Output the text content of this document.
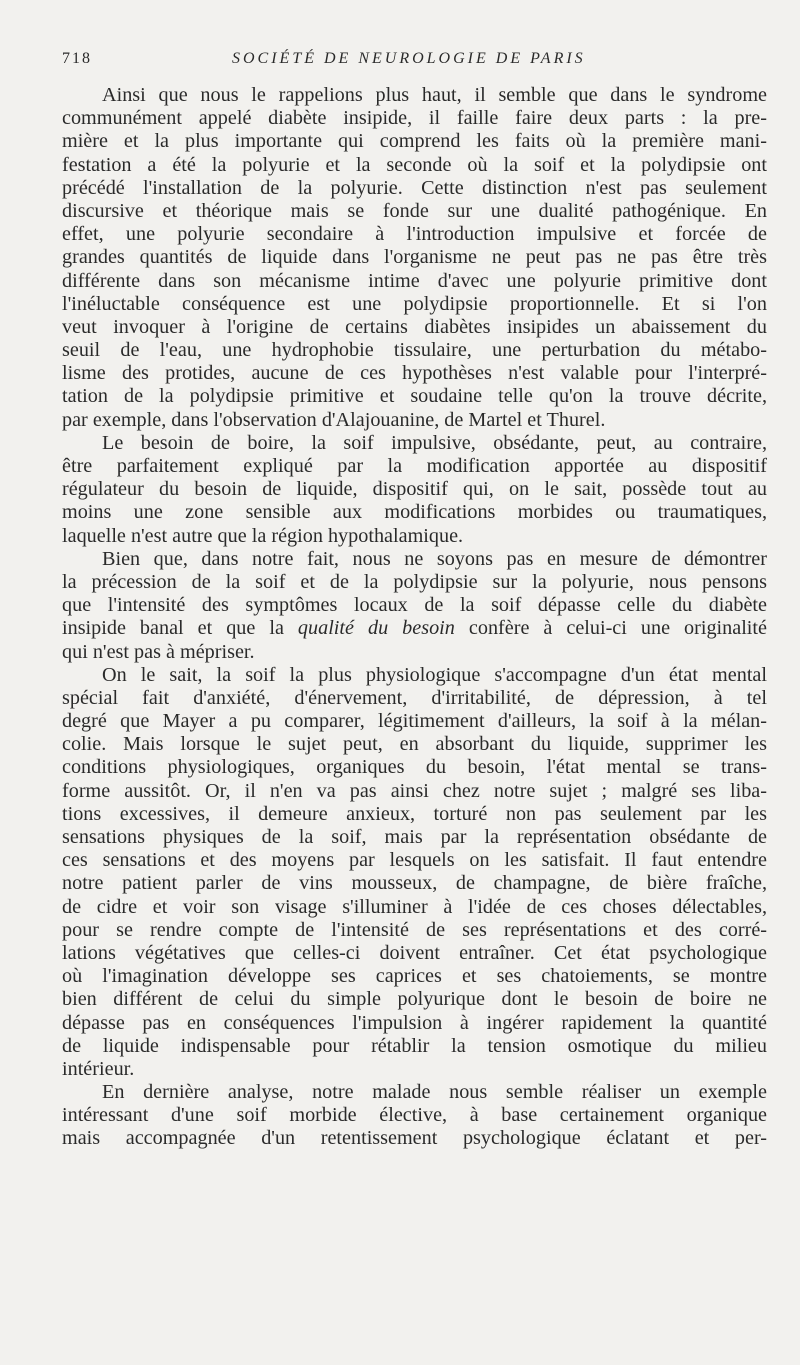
718	SOCIÉTÉ DE NEUROLOGIE DE PARIS
Ainsi que nous le rappelions plus haut, il semble que dans le syndrome
communément appelé diabète insipide, il faille faire deux parts : la pre-
mière et la plus importante qui comprend les faits où la première mani-
festation a été la polyurie et la seconde où la soif et la polydipsie ont
précédé l'installation de la polyurie. Cette distinction n'est pas seulement
discursive et théorique mais se fonde sur une dualité pathogénique. En
effet, une polyurie secondaire à l'introduction impulsive et forcée de
grandes quantités de liquide dans l'organisme ne peut pas ne pas être très
différente dans son mécanisme intime d'avec une polyurie primitive dont
l'inéluctable conséquence est une polydipsie proportionnelle. Et si l'on
veut invoquer à l'origine de certains diabètes insipides un abaissement du
seuil de l'eau, une hydrophobie tissulaire, une perturbation du métabo-
lisme des protides, aucune de ces hypothèses n'est valable pour l'interpré-
tation de la polydipsie primitive et soudaine telle qu'on la trouve décrite,
par exemple, dans l'observation d'Alajouanine, de Martel et Thurel.
Le besoin de boire, la soif impulsive, obsédante, peut, au contraire,
être parfaitement expliqué par la modification apportée au dispositif
régulateur du besoin de liquide, dispositif qui, on le sait, possède tout au
moins une zone sensible aux modifications morbides ou traumatiques,
laquelle n'est autre que la région hypothalamique.
Bien que, dans notre fait, nous ne soyons pas en mesure de démontrer
la précession de la soif et de la polydipsie sur la polyurie, nous pensons
que l'intensité des symptômes locaux de la soif dépasse celle du diabète
insipide banal et que la qualité du besoin confère à celui-ci une originalité
qui n'est pas à mépriser.
On le sait, la soif la plus physiologique s'accompagne d'un état mental
spécial fait d'anxiété, d'énervement, d'irritabilité, de dépression, à tel
degré que Mayer a pu comparer, légitimement d'ailleurs, la soif à la mélan-
colie. Mais lorsque le sujet peut, en absorbant du liquide, supprimer les
conditions physiologiques, organiques du besoin, l'état mental se trans-
forme aussitôt. Or, il n'en va pas ainsi chez notre sujet ; malgré ses liba-
tions excessives, il demeure anxieux, torturé non pas seulement par les
sensations physiques de la soif, mais par la représentation obsédante de
ces sensations et des moyens par lesquels on les satisfait. Il faut entendre
notre patient parler de vins mousseux, de champagne, de bière fraîche,
de cidre et voir son visage s'illuminer à l'idée de ces choses délectables,
pour se rendre compte de l'intensité de ses représentations et des corré-
lations végétatives que celles-ci doivent entraîner. Cet état psychologique
où l'imagination développe ses caprices et ses chatoiements, se montre
bien différent de celui du simple polyurique dont le besoin de boire ne
dépasse pas en conséquences l'impulsion à ingérer rapidement la quantité
de liquide indispensable pour rétablir la tension osmotique du milieu
intérieur.
En dernière analyse, notre malade nous semble réaliser un exemple
intéressant d'une soif morbide élective, à base certainement organique
mais accompagnée d'un retentissement psychologique éclatant et per-
